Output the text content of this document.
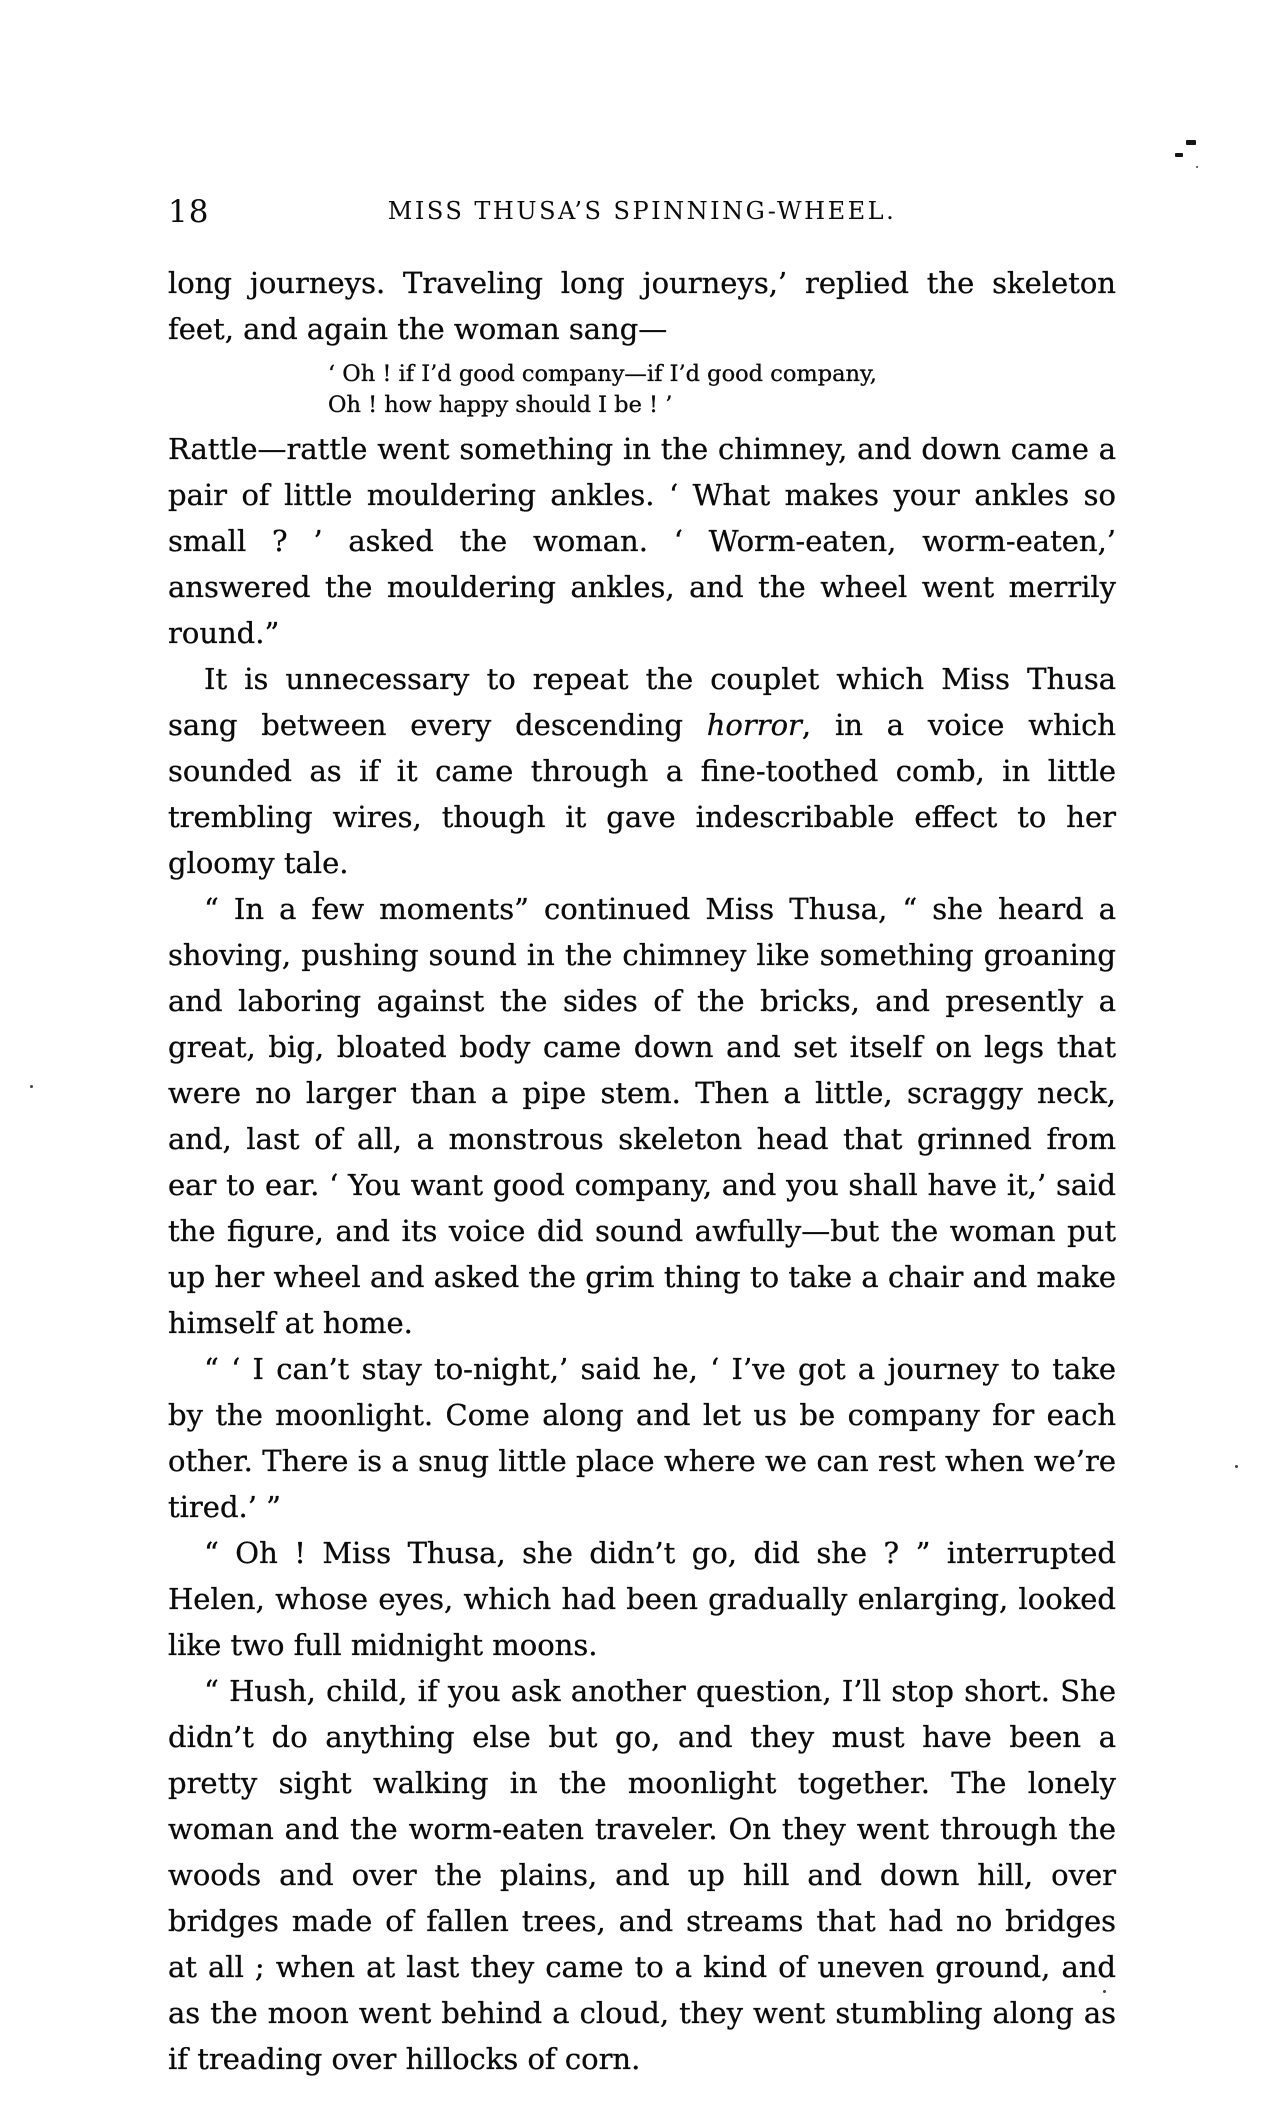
18	MISS THUSA’S SPINNING-WHEEL.

long journeys. Traveling long journeys,’ replied the skeleton feet, and again the woman sang—

‘ Oh ! if I’d good company—if I’d good company,
Oh ! how happy should I be ! ’

Rattle—rattle went something in the chimney, and down came a pair of little mouldering ankles. ‘ What makes your ankles so small ? ’ asked the woman. ‘ Worm-eaten, worm-eaten,’ answered the mouldering ankles, and the wheel went merrily round.”

It is unnecessary to repeat the couplet which Miss Thusa sang between every descending horror, in a voice which sounded as if it came through a fine-toothed comb, in little trembling wires, though it gave indescribable effect to her gloomy tale.

“ In a few moments” continued Miss Thusa, “ she heard a shoving, pushing sound in the chimney like something groaning and laboring against the sides of the bricks, and presently a great, big, bloated body came down and set itself on legs that were no larger than a pipe stem. Then a little, scraggy neck, and, last of all, a monstrous skeleton head that grinned from ear to ear. ‘ You want good company, and you shall have it,’ said the figure, and its voice did sound awfully—but the woman put up her wheel and asked the grim thing to take a chair and make himself at home.

“ ‘ I can’t stay to-night,’ said he, ‘ I’ve got a journey to take by the moonlight. Come along and let us be company for each other. There is a snug little place where we can rest when we’re tired.’ ”

“ Oh ! Miss Thusa, she didn’t go, did she ? ” interrupted Helen, whose eyes, which had been gradually enlarging, looked like two full midnight moons.

“ Hush, child, if you ask another question, I’ll stop short. She didn’t do anything else but go, and they must have been a pretty sight walking in the moonlight together. The lonely woman and the worm-eaten traveler. On they went through the woods and over the plains, and up hill and down hill, over bridges made of fallen trees, and streams that had no bridges at all ; when at last they came to a kind of uneven ground, and as the moon went behind a cloud, they went stumbling along as if treading over hillocks of corn.
